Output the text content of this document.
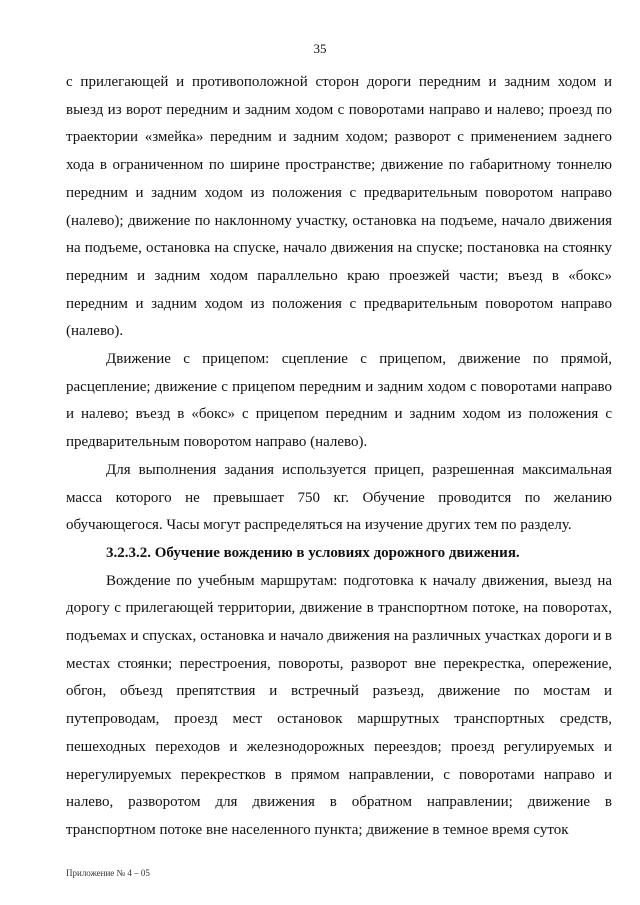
35

с прилегающей и противоположной сторон дороги передним и задним ходом и выезд из ворот передним и задним ходом с поворотами направо и налево; проезд по траектории «змейка» передним и задним ходом; разворот с применением заднего хода в ограниченном по ширине пространстве; движение по габаритному тоннелю передним и задним ходом из положения с предварительным поворотом направо (налево); движение по наклонному участку, остановка на подъеме, начало движения на подъеме, остановка на спуске, начало движения на спуске; постановка на стоянку передним и задним ходом параллельно краю проезжей части; въезд в «бокс» передним и задним ходом из положения с предварительным поворотом направо (налево).

Движение с прицепом: сцепление с прицепом, движение по прямой, расцепление; движение с прицепом передним и задним ходом с поворотами направо и налево; въезд в «бокс» с прицепом передним и задним ходом из положения с предварительным поворотом направо (налево).

Для выполнения задания используется прицеп, разрешенная максимальная масса которого не превышает 750 кг. Обучение проводится по желанию обучающегося. Часы могут распределяться на изучение других тем по разделу.

3.2.3.2. Обучение вождению в условиях дорожного движения.

Вождение по учебным маршрутам: подготовка к началу движения, выезд на дорогу с прилегающей территории, движение в транспортном потоке, на поворотах, подъемах и спусках, остановка и начало движения на различных участках дороги и в местах стоянки; перестроения, повороты, разворот вне перекрестка, опережение, обгон, объезд препятствия и встречный разъезд, движение по мостам и путепроводам, проезд мест остановок маршрутных транспортных средств, пешеходных переходов и железнодорожных переездов; проезд регулируемых и нерегулируемых перекрестков в прямом направлении, с поворотами направо и налево, разворотом для движения в обратном направлении; движение в транспортном потоке вне населенного пункта; движение в темное время суток

Приложение № 4 – 05
